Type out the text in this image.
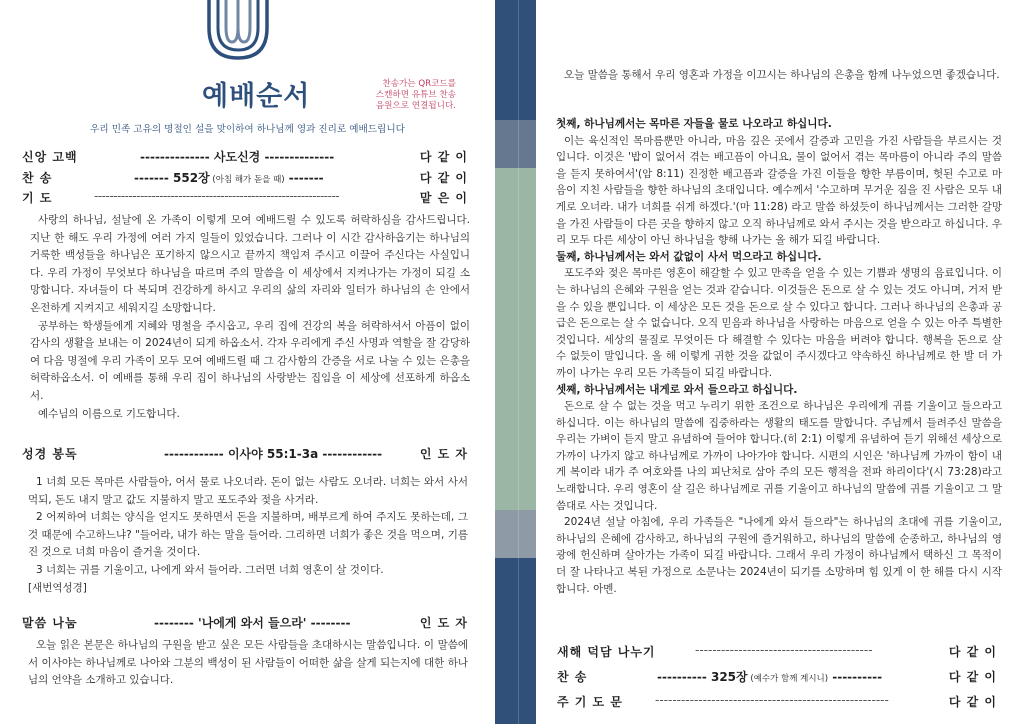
예배순서	찬송가는 QR코드를
스캔하면 유튜브 찬송
음원으로 연결됩니다.
우리 민족 고유의 명절인 설을 맞이하여 하나님께 영과 진리로 예배드립니다
신앙 고백	-------------- 사도신경 --------------	다 같 이
찬 송	------- 552장 (아침 해가 돋을 때) -------	다 같 이
기 도	----------------------------------------------------------------	맡 은 이

사랑의 하나님, 설날에 온 가족이 이렇게 모여 예배드릴 수 있도록 허락하심을 감사드립니다. 지난 한 해도 우리 가정에 여러 가지 일들이 있었습니다. 그러나 이 시간 감사하옵기는 하나님의 거룩한 백성들을 하나님은 포기하지 않으시고 끝까지 책임져 주시고 이끌어 주신다는 사실입니다. 우리 가정이 무엇보다 하나님을 따르며 주의 말씀을 이 세상에서 지켜나가는 가정이 되길 소망합니다. 자녀들이 다 복되며 건강하게 하시고 우리의 삶의 자리와 일터가 하나님의 손 안에서 온전하게 지켜지고 세워지길 소망합니다.

공부하는 학생들에게 지혜와 명철을 주시옵고, 우리 집에 건강의 복을 허락하셔서 아픔이 없이 감사의 생활을 보내는 이 2024년이 되게 하옵소서. 각자 우리에게 주신 사명과 역할을 잘 감당하여 다음 명절에 우리 가족이 모두 모여 예배드릴 때 그 감사함의 간증을 서로 나눌 수 있는 은총을 허락하옵소서. 이 예배를 통해 우리 집이 하나님의 사랑받는 집임을 이 세상에 선포하게 하옵소서.

예수님의 이름으로 기도합니다.

성경 봉독	------------ 이사야 55:1-3a ------------	인 도 자

1 너희 모든 목마른 사람들아, 어서 물로 나오너라. 돈이 없는 사람도 오너라. 너희는 와서 사서 먹되, 돈도 내지 말고 값도 지불하지 말고 포도주와 젖을 사거라.

2 어찌하여 너희는 양식을 얻지도 못하면서 돈을 지불하며, 배부르게 하여 주지도 못하는데, 그것 때문에 수고하느냐? "들어라, 내가 하는 말을 들어라. 그리하면 너희가 좋은 것을 먹으며, 기름진 것으로 너희 마음이 즐거울 것이다.

3 너희는 귀를 기울이고, 나에게 와서 들어라. 그러면 너희 영혼이 살 것이다.

[새번역성경]

말씀 나눔	-------- '나에게 와서 들으라' --------	인 도 자

오늘 읽은 본문은 하나님의 구원을 받고 싶은 모든 사람들을 초대하시는 말씀입니다. 이 말씀에서 이사야는 하나님께로 나아와 그분의 백성이 된 사람들이 어떠한 삶을 살게 되는지에 대한 하나님의 언약을 소개하고 있습니다.

오늘 말씀을 통해서 우리 영혼과 가정을 이끄시는 하나님의 은총을 함께 나누었으면 좋겠습니다.

첫째, 하나님께서는 목마른 자들을 물로 나오라고 하십니다.

이는 육신적인 목마름뿐만 아니라, 마음 깊은 곳에서 갈증과 고민을 가진 사람들을 부르시는 것입니다. 이것은 '밥이 없어서 겪는 배고픔이 아니요, 물이 없어서 겪는 목마름이 아니라 주의 말씀을 듣지 못하여서'(암 8:11) 진정한 배고픔과 갈증을 가진 이들을 향한 부름이며, 헛된 수고로 마음이 지친 사람들을 향한 하나님의 초대입니다. 예수께서 '수고하며 무거운 짐을 진 사람은 모두 내게로 오너라. 내가 너희를 쉬게 하겠다.'(마 11:28) 라고 말씀 하셨듯이 하나님께서는 그러한 갈망을 가진 사람들이 다른 곳을 향하지 않고 오직 하나님께로 와서 주시는 것을 받으라고 하십니다. 우리 모두 다른 세상이 아닌 하나님을 향해 나가는 올 해가 되길 바랍니다.

둘째, 하나님께서는 와서 값없이 사서 먹으라고 하십니다.

포도주와 젖은 목마른 영혼이 해갈할 수 있고 만족을 얻을 수 있는 기쁨과 생명의 음료입니다. 이는 하나님의 은혜와 구원을 얻는 것과 같습니다. 이것들은 돈으로 살 수 있는 것도 아니며, 거저 받을 수 있을 뿐입니다. 이 세상은 모든 것을 돈으로 살 수 있다고 합니다. 그러나 하나님의 은총과 공급은 돈으로는 살 수 없습니다. 오직 믿음과 하나님을 사랑하는 마음으로 얻을 수 있는 아주 특별한 것입니다. 세상의 물질로 무엇이든 다 해결할 수 있다는 마음을 버려야 합니다. 행복을 돈으로 살 수 없듯이 말입니다. 올 해 이렇게 귀한 것을 값없이 주시겠다고 약속하신 하나님께로 한 발 더 가까이 나가는 우리 모든 가족들이 되길 바랍니다.

셋째, 하나님께서는 내게로 와서 들으라고 하십니다.

돈으로 살 수 없는 것을 먹고 누리기 위한 조건으로 하나님은 우리에게 귀를 기울이고 들으라고 하십니다. 이는 하나님의 말씀에 집중하라는 생활의 태도를 말합니다. 주님께서 들려주신 말씀을 우리는 가벼이 듣지 말고 유념하여 들어야 합니다.(히 2:1) 이렇게 유념하여 듣기 위해선 세상으로 가까이 나가지 않고 하나님께로 가까이 나아가야 합니다. 시편의 시인은 '하나님께 가까이 함이 내게 복이라 내가 주 여호와를 나의 피난처로 삼아 주의 모든 행적을 전파 하리이다'(시 73:28)라고 노래합니다. 우리 영혼이 살 길은 하나님께로 귀를 기울이고 하나님의 말씀에 귀를 기울이고 그 말씀대로 사는 것입니다.

2024년 설날 아침에, 우리 가족들은 "나에게 와서 들으라"는 하나님의 초대에 귀를 기울이고, 하나님의 은혜에 감사하고, 하나님의 구원에 즐거워하고, 하나님의 말씀에 순종하고, 하나님의 영광에 헌신하며 살아가는 가족이 되길 바랍니다. 그래서 우리 가정이 하나님께서 택하신 그 목적이 더 잘 나타나고 복된 가정으로 소문나는 2024년이 되기를 소망하며 힘 있게 이 한 해를 다시 시작합니다. 아멘.

새해 덕담 나누기	-----------------------------------------	다 같 이
찬 송	---------- 325장 (예수가 함께 계시니) ----------	다 같 이
주 기 도 문	------------------------------------------------------	다 같 이
